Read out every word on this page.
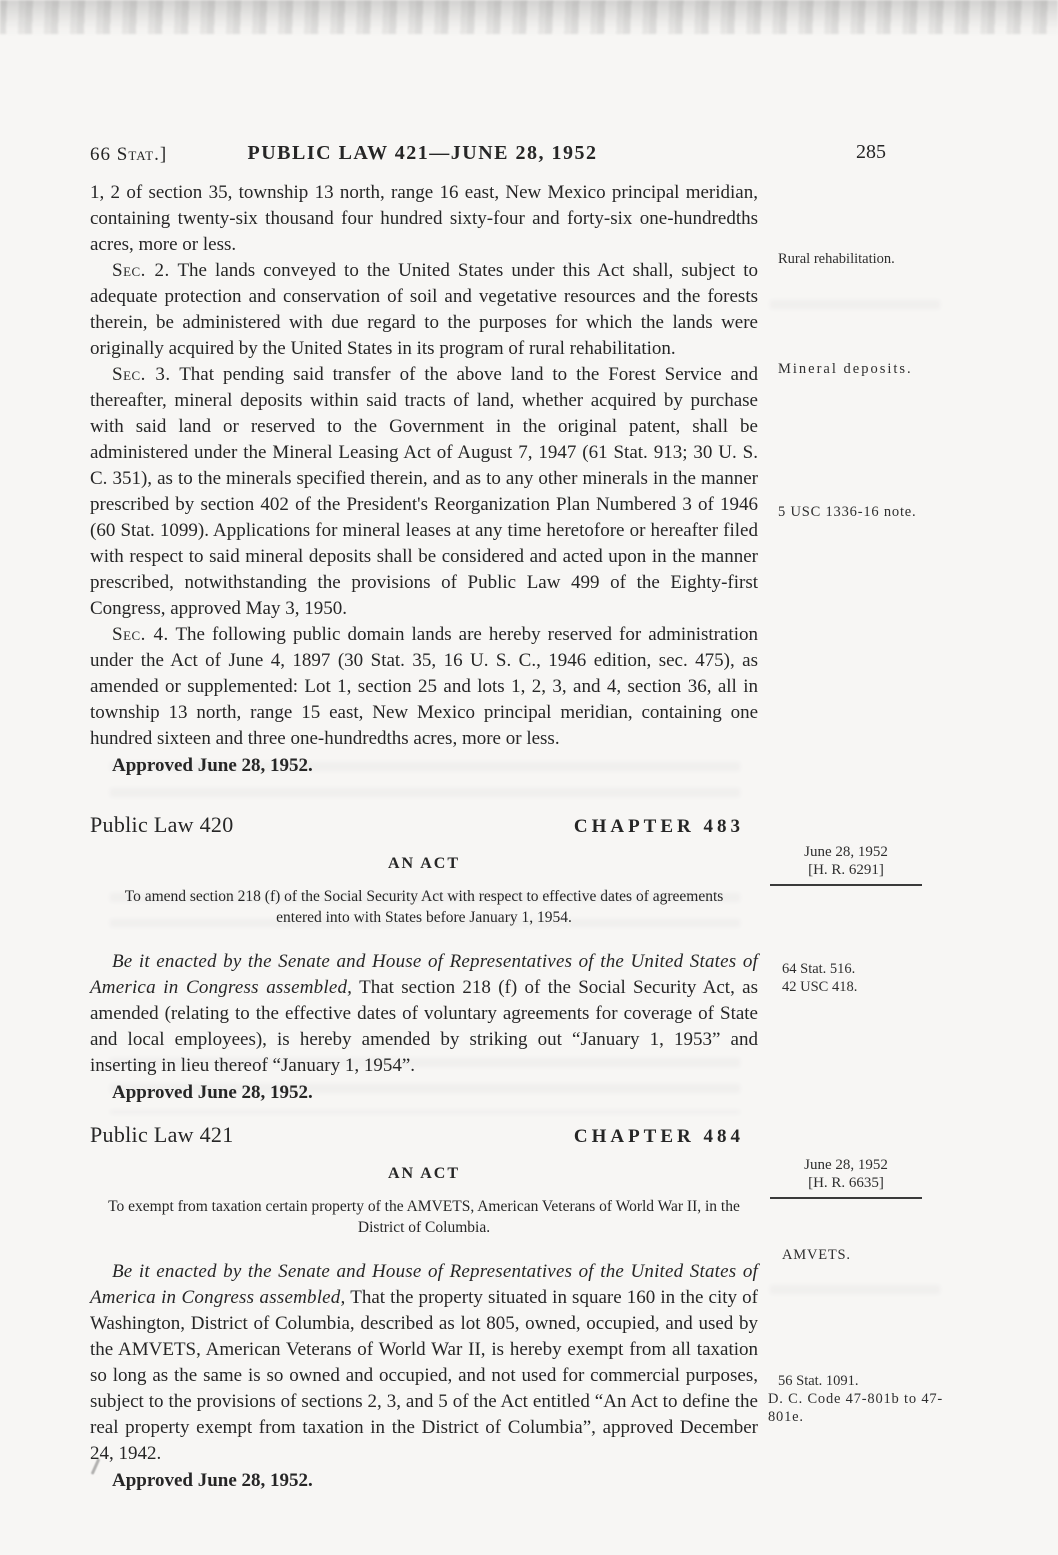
66 Stat.]	PUBLIC LAW 421—JUNE 28, 1952	285

1, 2 of section 35, township 13 north, range 16 east, New Mexico principal meridian, containing twenty-six thousand four hundred sixty-four and forty-six one-hundredths acres, more or less.

Sec. 2. The lands conveyed to the United States under this Act shall, subject to adequate protection and conservation of soil and vegetative resources and the forests therein, be administered with due regard to the purposes for which the lands were originally acquired by the United States in its program of rural rehabilitation.

Sec. 3. That pending said transfer of the above land to the Forest Service and thereafter, mineral deposits within said tracts of land, whether acquired by purchase with said land or reserved to the Government in the original patent, shall be administered under the Mineral Leasing Act of August 7, 1947 (61 Stat. 913; 30 U. S. C. 351), as to the minerals specified therein, and as to any other minerals in the manner prescribed by section 402 of the President's Reorganization Plan Numbered 3 of 1946 (60 Stat. 1099). Applications for mineral leases at any time heretofore or hereafter filed with respect to said mineral deposits shall be considered and acted upon in the manner prescribed, notwithstanding the provisions of Public Law 499 of the Eighty-first Congress, approved May 3, 1950.

Sec. 4. The following public domain lands are hereby reserved for administration under the Act of June 4, 1897 (30 Stat. 35, 16 U. S. C., 1946 edition, sec. 475), as amended or supplemented: Lot 1, section 25 and lots 1, 2, 3, and 4, section 36, all in township 13 north, range 15 east, New Mexico principal meridian, containing one hundred sixteen and three one-hundredths acres, more or less.

Approved June 28, 1952.

Public Law 420	CHAPTER 483

AN ACT

To amend section 218 (f) of the Social Security Act with respect to effective dates of agreements entered into with States before January 1, 1954.

Be it enacted by the Senate and House of Representatives of the United States of America in Congress assembled, That section 218 (f) of the Social Security Act, as amended (relating to the effective dates of voluntary agreements for coverage of State and local employees), is hereby amended by striking out “January 1, 1953” and inserting in lieu thereof “January 1, 1954”.

Approved June 28, 1952.

Public Law 421	CHAPTER 484

AN ACT

To exempt from taxation certain property of the AMVETS, American Veterans of World War II, in the District of Columbia.

Be it enacted by the Senate and House of Representatives of the United States of America in Congress assembled, That the property situated in square 160 in the city of Washington, District of Columbia, described as lot 805, owned, occupied, and used by the AMVETS, American Veterans of World War II, is hereby exempt from all taxation so long as the same is so owned and occupied, and not used for commercial purposes, subject to the provisions of sections 2, 3, and 5 of the Act entitled “An Act to define the real property exempt from taxation in the District of Columbia”, approved December 24, 1942.

Approved June 28, 1952.

Rural rehabilitation.
Mineral deposits.
5 USC 1336-16 note.
June 28, 1952
[H. R. 6291]
64 Stat. 516.
42 USC 418.
June 28, 1952
[H. R. 6635]
AMVETS.
56 Stat. 1091.
D. C. Code 47-801b to 47-801e.
